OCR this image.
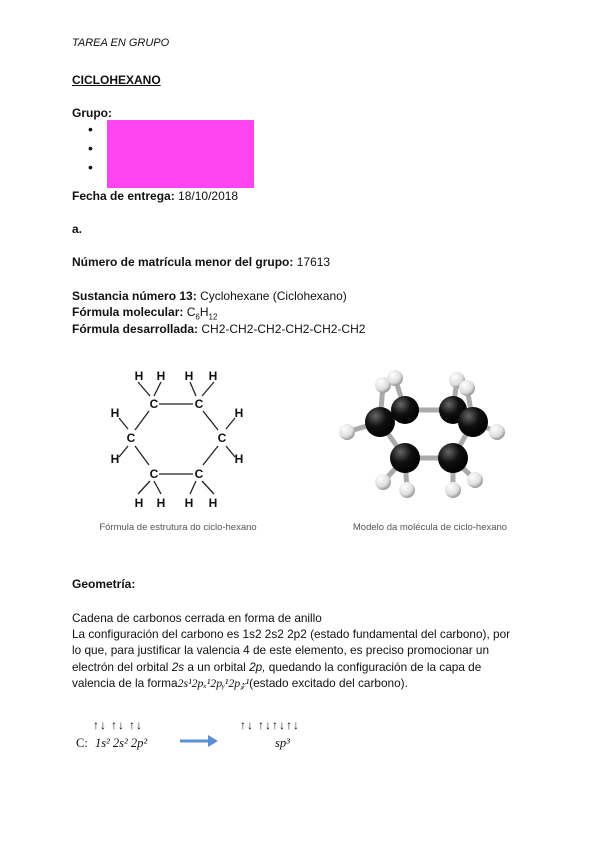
TAREA EN GRUPO
CICLOHEXANO
Grupo:
Fecha de entrega: 18/10/2018
a.
Número de matrícula menor del grupo: 17613
Sustancia número 13: Cyclohexane (Ciclohexano)
Fórmula molecular: $C_6H_{12}$
Fórmula desarrollada: CH2-CH2-CH2-CH2-CH2-CH2
C	C
C	C
C	C
H H H H
H
H
H
H
H H H H
Fórmula de estrutura do ciclo-hexano	Modelo da molécula de ciclo-hexano
Geometría:
Cadena de carbonos cerrada en forma de anillo
La configuración del carbono es 1s2 2s2 2p2 (estado fundamental del carbono), por
lo que, para justificar la valencia 4 de este elemento, es preciso promocionar un
electrón del orbital 2s a un orbital 2p, quedando la configuración de la capa de
valencia de la forma2s¹2pₓ¹2pᵧ¹2p𝓏¹(estado excitado del carbono).
↑↓ ↑↓ ↑↓
C: 1s² 2s² 2p²
↑↓ ↑↓↑↓↑↓
sp³
